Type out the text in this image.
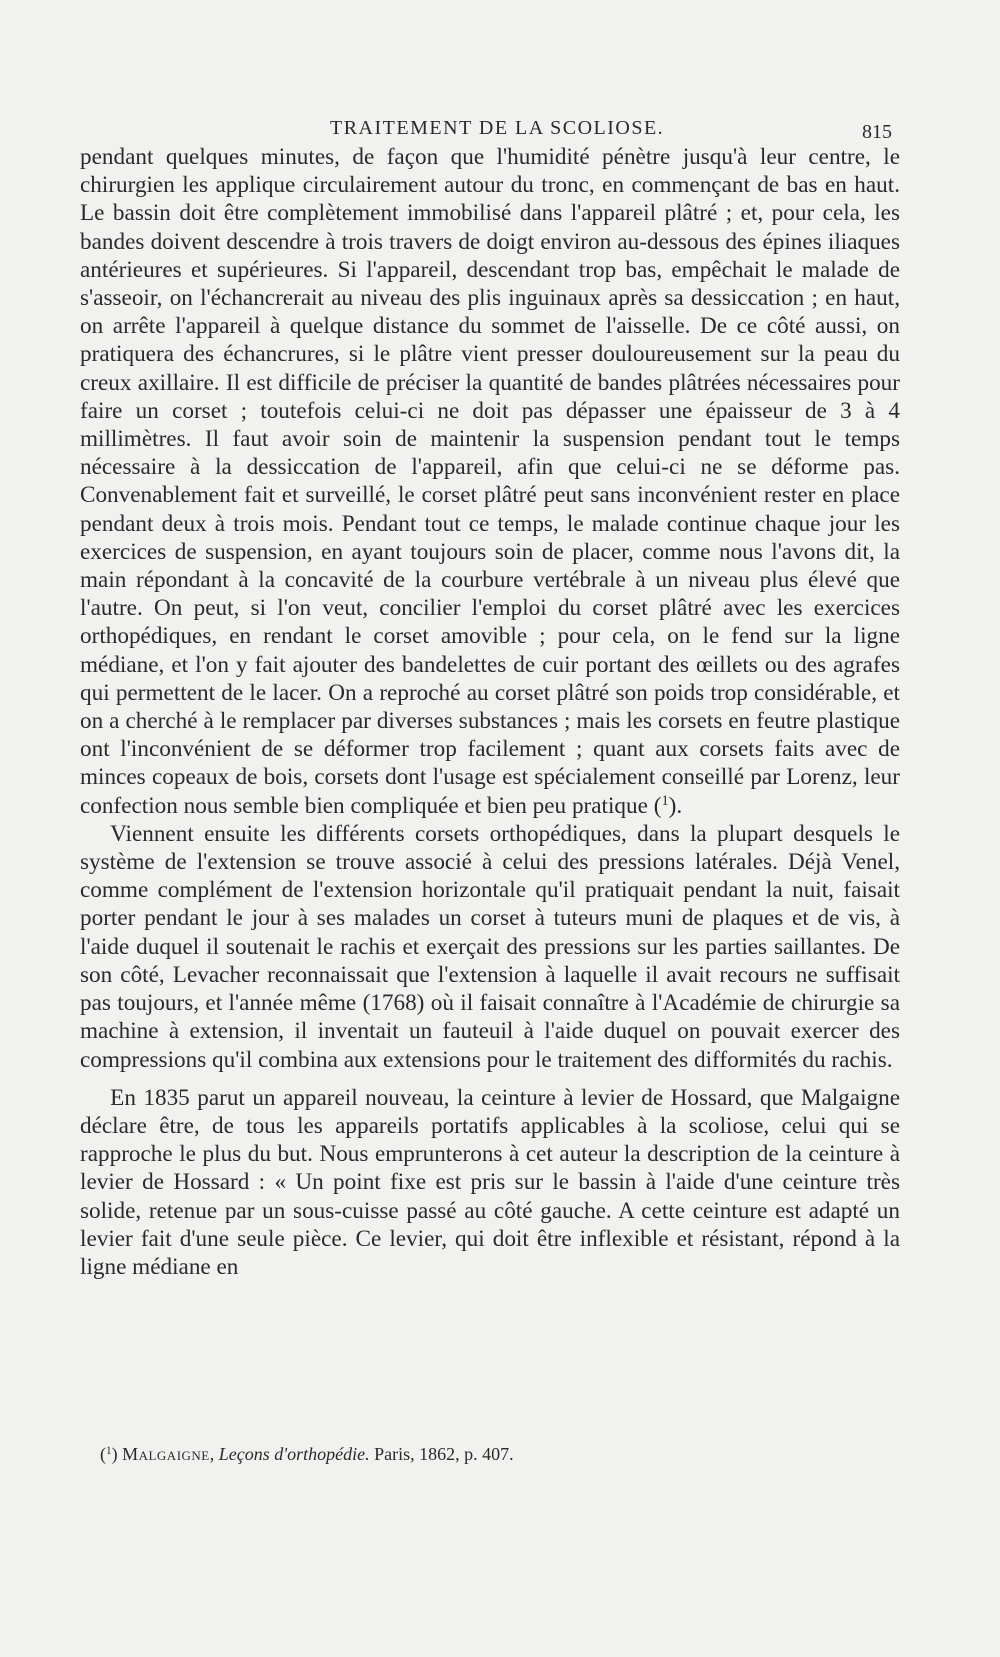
TRAITEMENT DE LA SCOLIOSE.	815

pendant quelques minutes, de façon que l'humidité pénètre jusqu'à leur centre, le chirurgien les applique circulairement autour du tronc, en commençant de bas en haut. Le bassin doit être complètement immobilisé dans l'appareil plâtré ; et, pour cela, les bandes doivent descendre à trois travers de doigt environ au-dessous des épines iliaques antérieures et supérieures. Si l'appareil, descendant trop bas, empêchait le malade de s'asseoir, on l'échancrerait au niveau des plis inguinaux après sa dessiccation ; en haut, on arrête l'appareil à quelque distance du sommet de l'aisselle. De ce côté aussi, on pratiquera des échancrures, si le plâtre vient presser douloureusement sur la peau du creux axillaire. Il est difficile de préciser la quantité de bandes plâtrées nécessaires pour faire un corset ; toutefois celui-ci ne doit pas dépasser une épaisseur de 3 à 4 millimètres. Il faut avoir soin de maintenir la suspension pendant tout le temps nécessaire à la dessiccation de l'appareil, afin que celui-ci ne se déforme pas. Convenablement fait et surveillé, le corset plâtré peut sans inconvénient rester en place pendant deux à trois mois. Pendant tout ce temps, le malade continue chaque jour les exercices de suspension, en ayant toujours soin de placer, comme nous l'avons dit, la main répondant à la concavité de la courbure vertébrale à un niveau plus élevé que l'autre. On peut, si l'on veut, concilier l'emploi du corset plâtré avec les exercices orthopédiques, en rendant le corset amovible ; pour cela, on le fend sur la ligne médiane, et l'on y fait ajouter des bandelettes de cuir portant des œillets ou des agrafes qui permettent de le lacer. On a reproché au corset plâtré son poids trop considérable, et on a cherché à le remplacer par diverses substances ; mais les corsets en feutre plastique ont l'inconvénient de se déformer trop facilement ; quant aux corsets faits avec de minces copeaux de bois, corsets dont l'usage est spécialement conseillé par Lorenz, leur confection nous semble bien compliquée et bien peu pratique ($^1$).

Viennent ensuite les différents corsets orthopédiques, dans la plupart desquels le système de l'extension se trouve associé à celui des pressions latérales. Déjà Venel, comme complément de l'extension horizontale qu'il pratiquait pendant la nuit, faisait porter pendant le jour à ses malades un corset à tuteurs muni de plaques et de vis, à l'aide duquel il soutenait le rachis et exerçait des pressions sur les parties saillantes. De son côté, Levacher reconnaissait que l'extension à laquelle il avait recours ne suffisait pas toujours, et l'année même (1768) où il faisait connaître à l'Académie de chirurgie sa machine à extension, il inventait un fauteuil à l'aide duquel on pouvait exercer des compressions qu'il combina aux extensions pour le traitement des difformités du rachis.

En 1835 parut un appareil nouveau, la ceinture à levier de Hossard, que Malgaigne déclare être, de tous les appareils portatifs applicables à la scoliose, celui qui se rapproche le plus du but. Nous emprunterons à cet auteur la description de la ceinture à levier de Hossard : « Un point fixe est pris sur le bassin à l'aide d'une ceinture très solide, retenue par un sous-cuisse passé au côté gauche. A cette ceinture est adapté un levier fait d'une seule pièce. Ce levier, qui doit être inflexible et résistant, répond à la ligne médiane en

($^1$) Malgaigne, Leçons d'orthopédie. Paris, 1862, p. 407.
